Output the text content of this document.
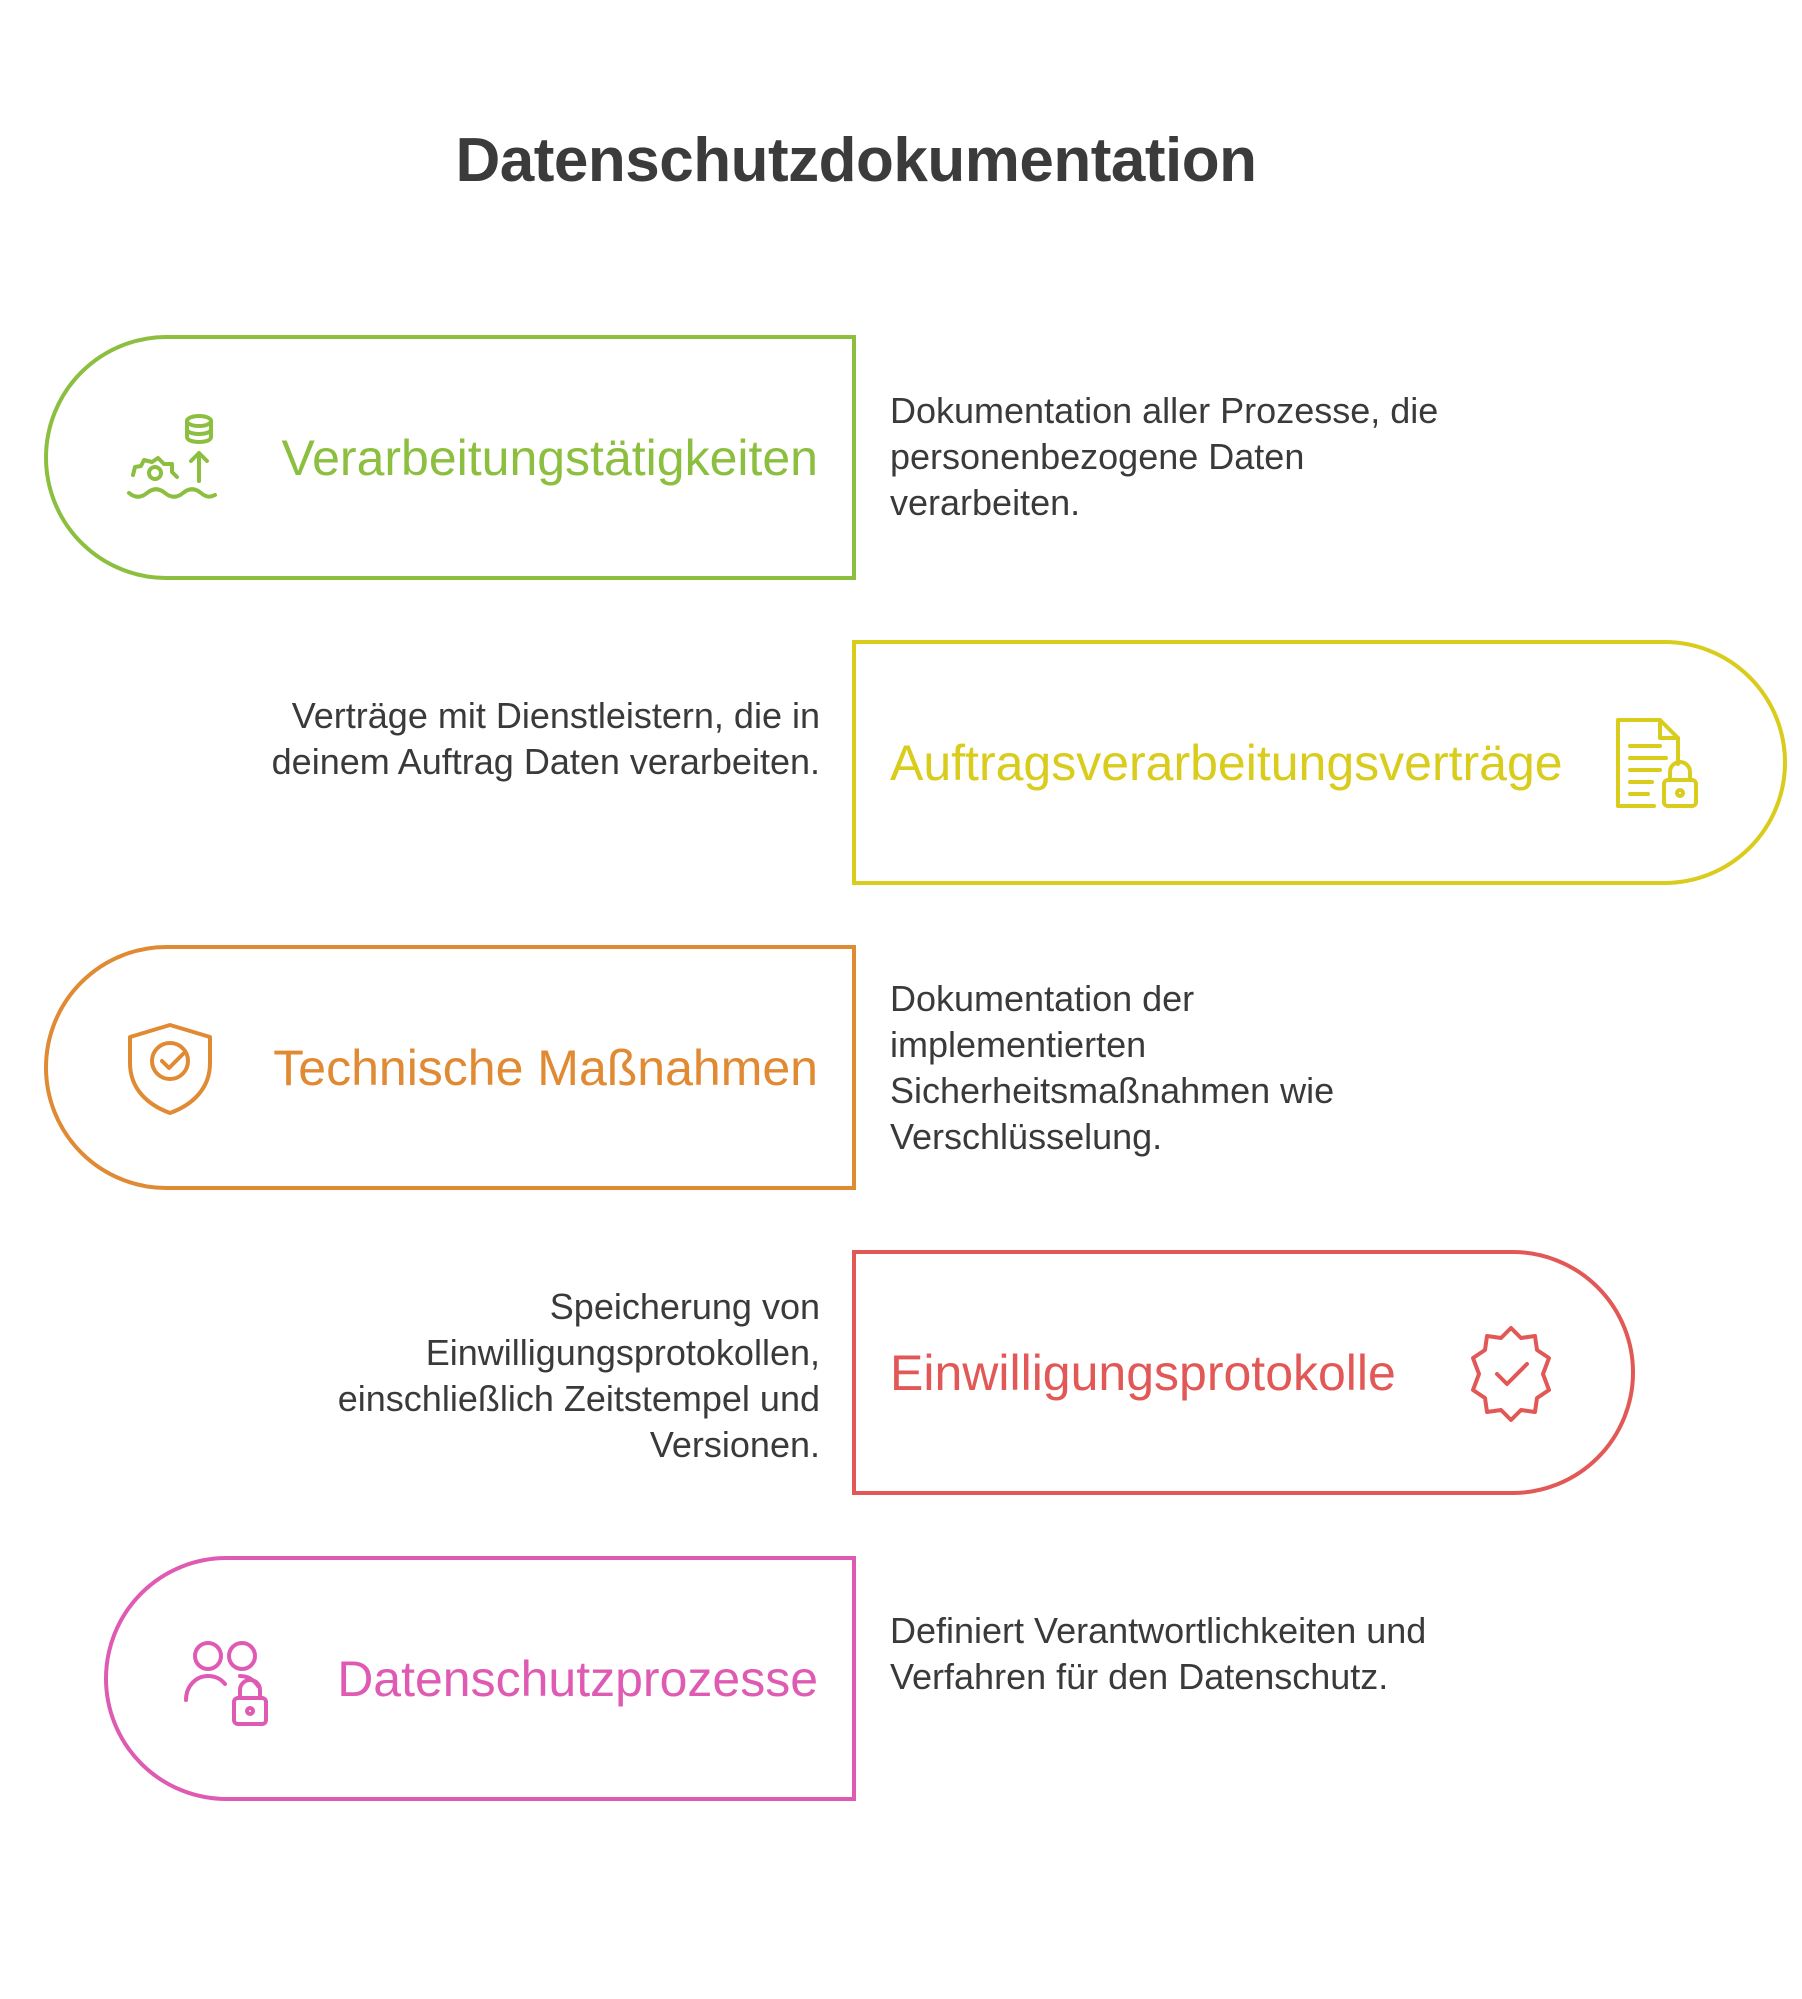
Datenschutzdokumentation
Verarbeitungstätigkeiten
Dokumentation aller Prozesse, die personenbezogene Daten verarbeiten.
Auftragsverarbeitungsverträge
Verträge mit Dienstleistern, die in deinem Auftrag Daten verarbeiten.
Technische Maßnahmen
Dokumentation der implementierten Sicherheitsmaßnahmen wie Verschlüsselung.
Einwilligungsprotokolle
Speicherung von Einwilligungsprotokollen, einschließlich Zeitstempel und Versionen.
Datenschutzprozesse
Definiert Verantwortlichkeiten und Verfahren für den Datenschutz.
